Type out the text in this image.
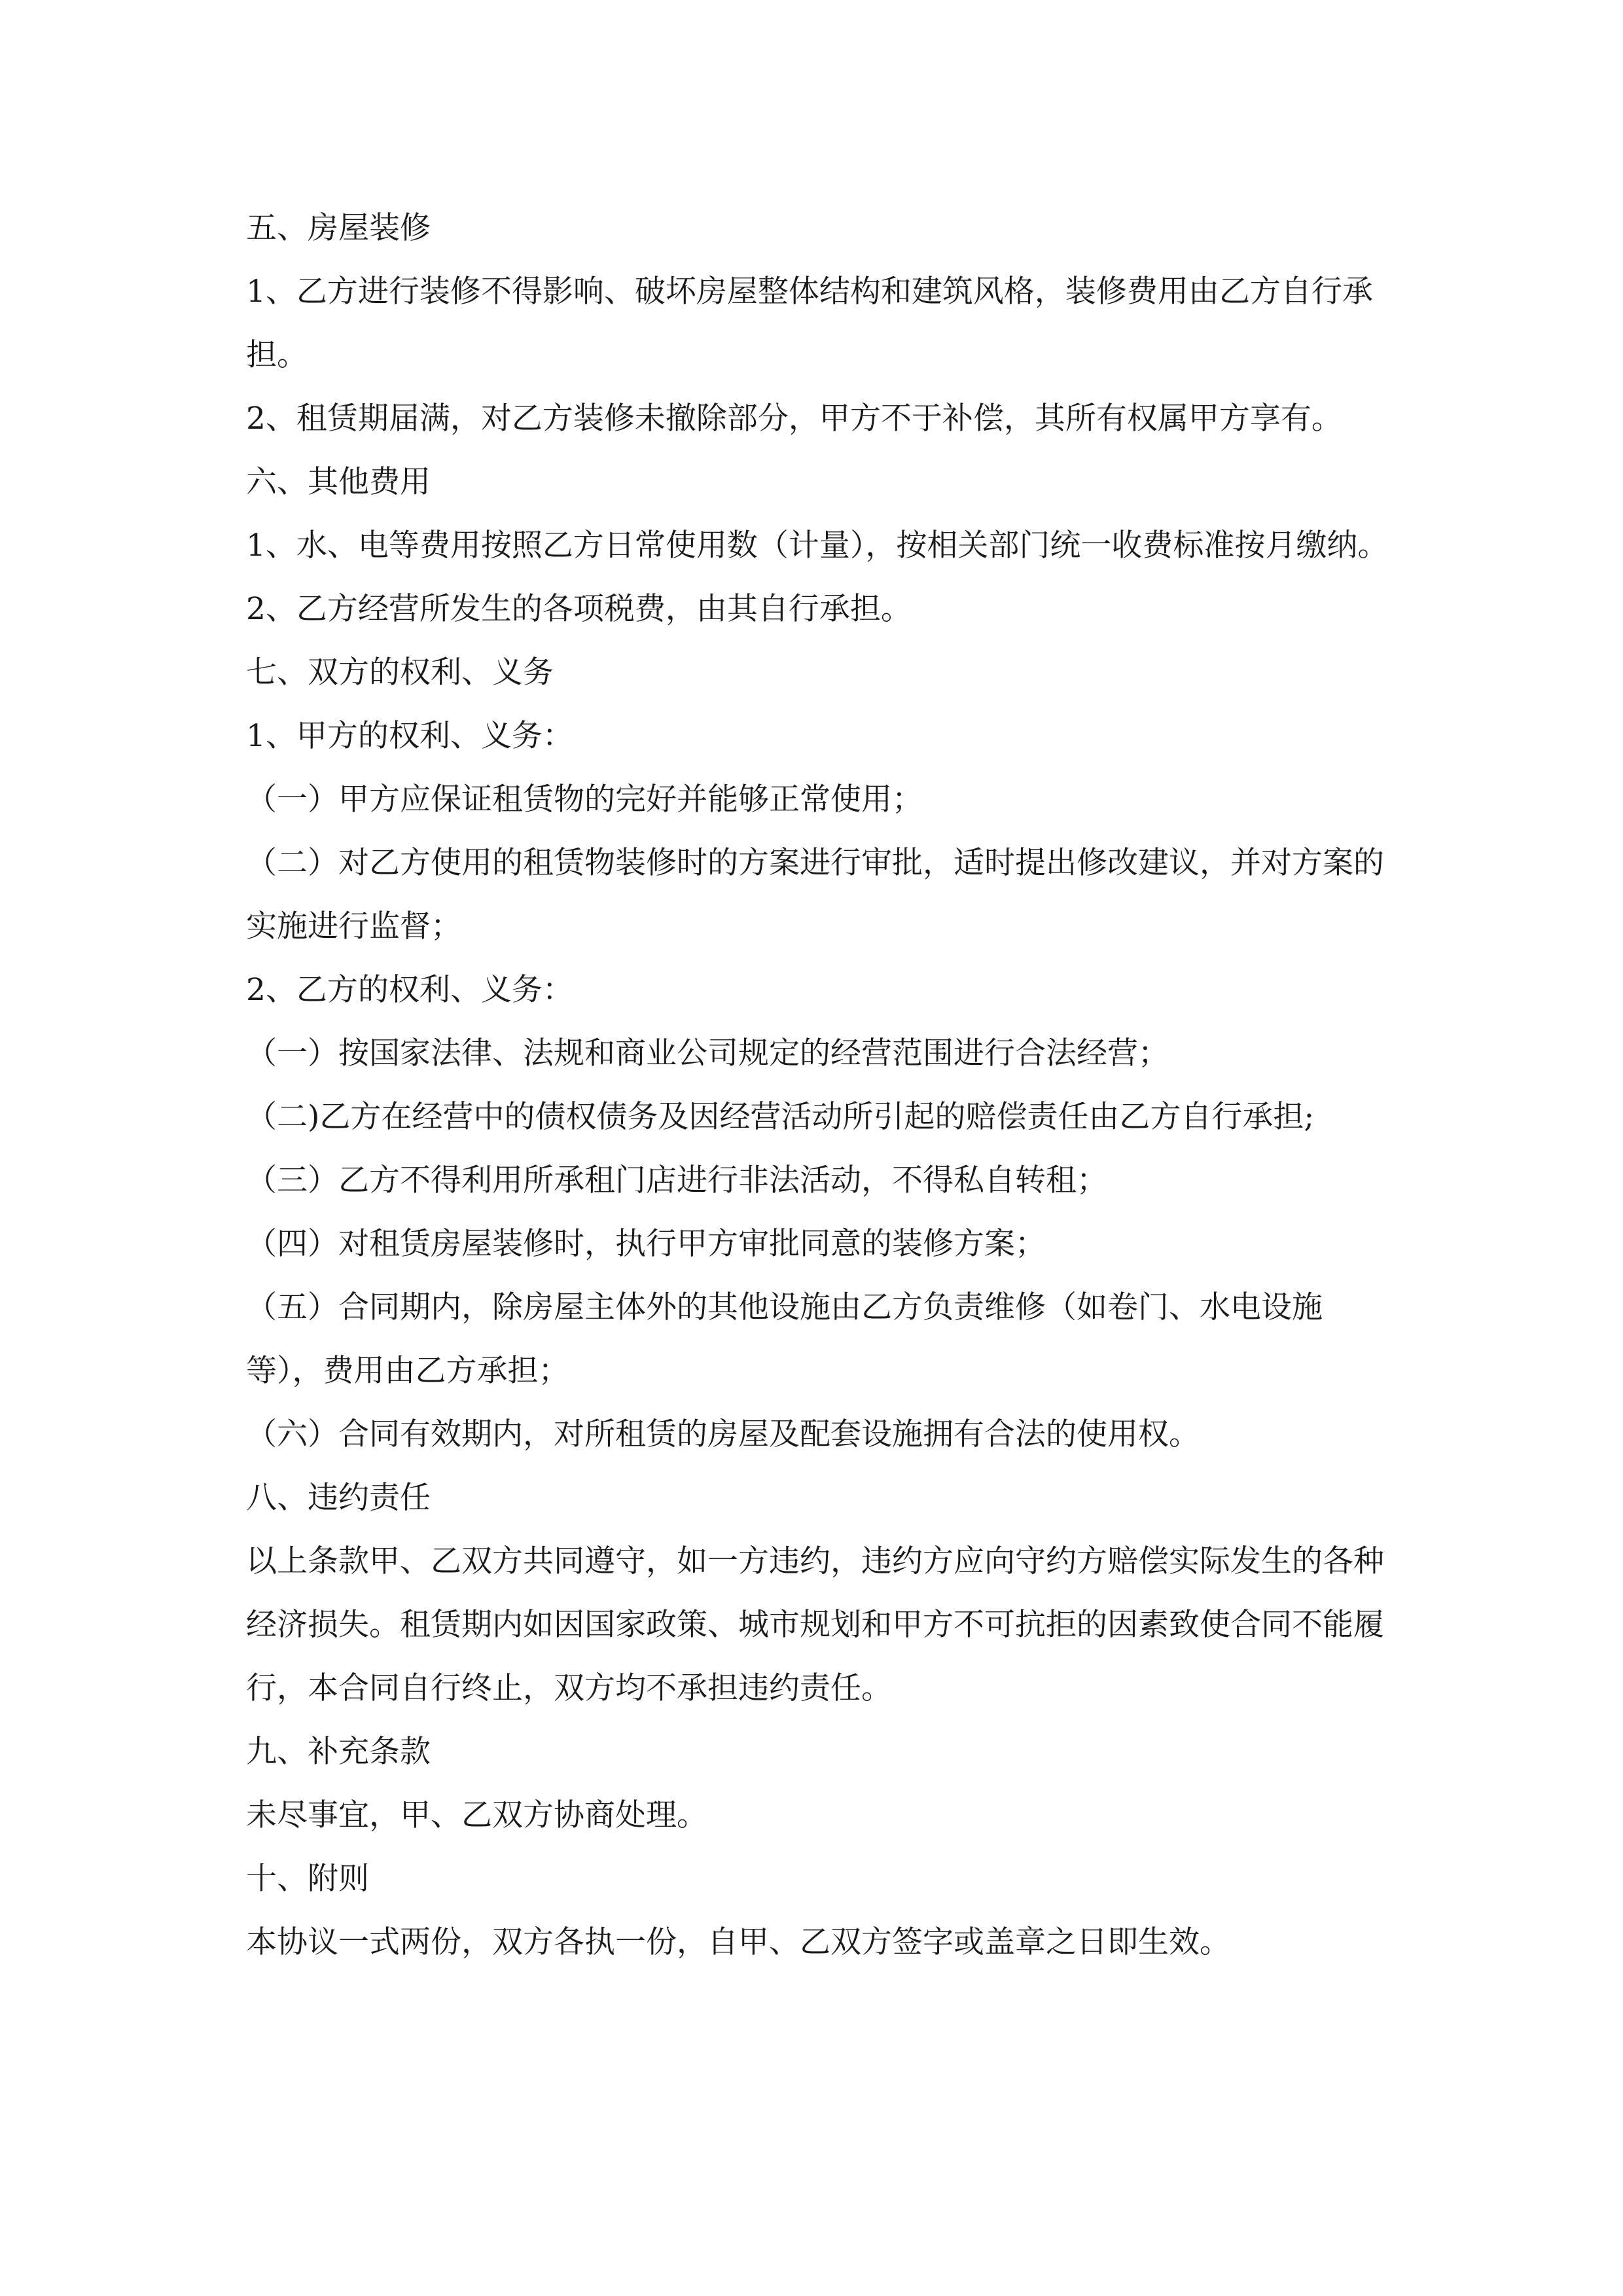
五、房屋装修

1、乙方进行装修不得影响、破坏房屋整体结构和建筑风格，装修费用由乙方自行承担。

2、租赁期届满，对乙方装修未撤除部分，甲方不于补偿，其所有权属甲方享有。

六、其他费用

1、水、电等费用按照乙方日常使用数（计量），按相关部门统一收费标准按月缴纳。

2、乙方经营所发生的各项税费，由其自行承担。

七、双方的权利、义务

1、甲方的权利、义务：

（一）甲方应保证租赁物的完好并能够正常使用；

（二）对乙方使用的租赁物装修时的方案进行审批，适时提出修改建议，并对方案的实施进行监督；

2、乙方的权利、义务：

（一）按国家法律、法规和商业公司规定的经营范围进行合法经营；

（二)乙方在经营中的债权债务及因经营活动所引起的赔偿责任由乙方自行承担;

（三）乙方不得利用所承租门店进行非法活动，不得私自转租；

（四）对租赁房屋装修时，执行甲方审批同意的装修方案；

（五）合同期内，除房屋主体外的其他设施由乙方负责维修（如卷门、水电设施等），费用由乙方承担；

（六）合同有效期内，对所租赁的房屋及配套设施拥有合法的使用权。

八、违约责任

以上条款甲、乙双方共同遵守，如一方违约，违约方应向守约方赔偿实际发生的各种经济损失。租赁期内如因国家政策、城市规划和甲方不可抗拒的因素致使合同不能履行，本合同自行终止，双方均不承担违约责任。

九、补充条款

未尽事宜，甲、乙双方协商处理。

十、附则

本协议一式两份，双方各执一份，自甲、乙双方签字或盖章之日即生效。
